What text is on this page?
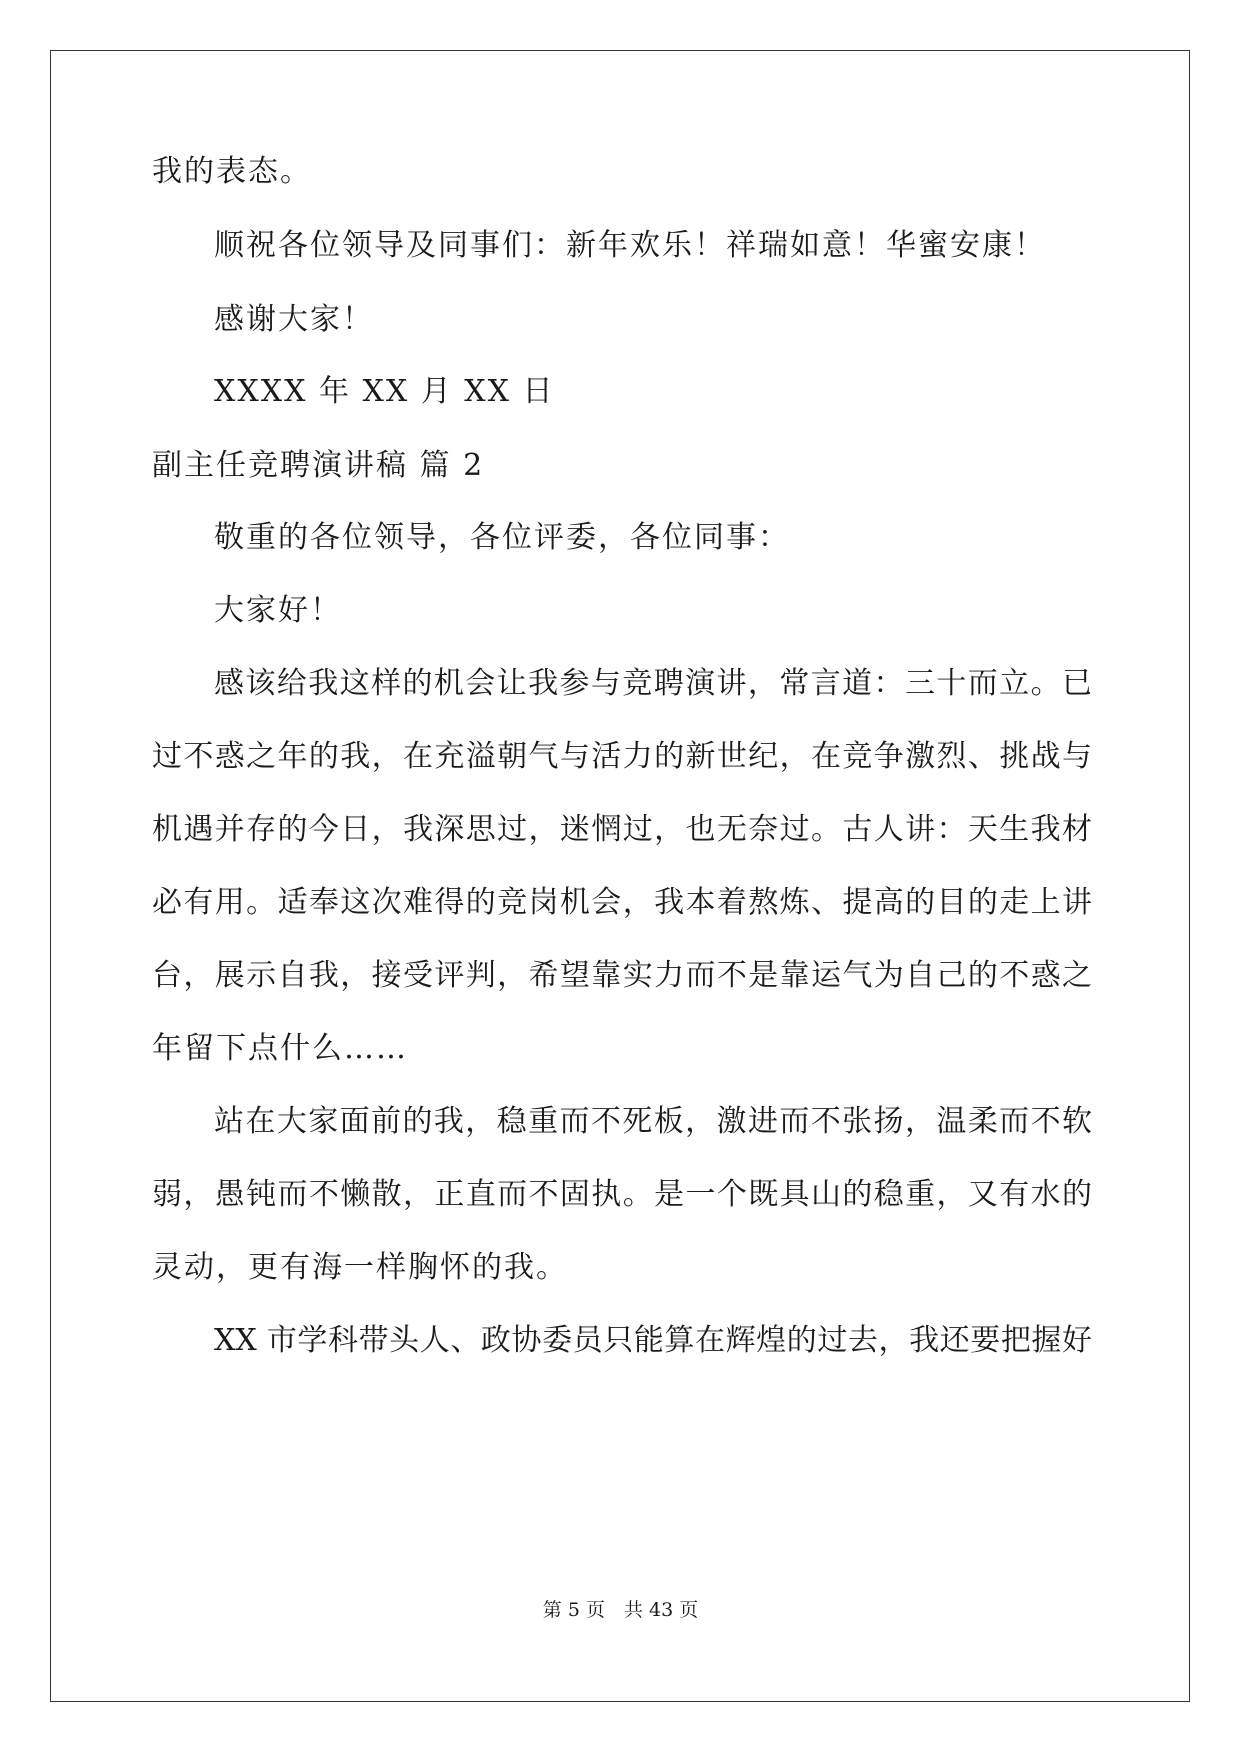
我的表态。
顺祝各位领导及同事们：新年欢乐！祥瑞如意！华蜜安康！
感谢大家！
XXXX 年 XX 月 XX 日
副主任竞聘演讲稿 篇 2
敬重的各位领导，各位评委，各位同事：
大家好！
感该给我这样的机会让我参与竞聘演讲，常言道：三十而立。已
过不惑之年的我，在充溢朝气与活力的新世纪，在竞争激烈、挑战与
机遇并存的今日，我深思过，迷惘过，也无奈过。古人讲：天生我材
必有用。适奉这次难得的竞岗机会，我本着熬炼、提高的目的走上讲
台，展示自我，接受评判，希望靠实力而不是靠运气为自己的不惑之
年留下点什么……
站在大家面前的我，稳重而不死板，激进而不张扬，温柔而不软
弱，愚钝而不懒散，正直而不固执。是一个既具山的稳重，又有水的
灵动，更有海一样胸怀的我。
XX 市学科带头人、政协委员只能算在辉煌的过去，我还要把握好
第 5 页　共 43 页
